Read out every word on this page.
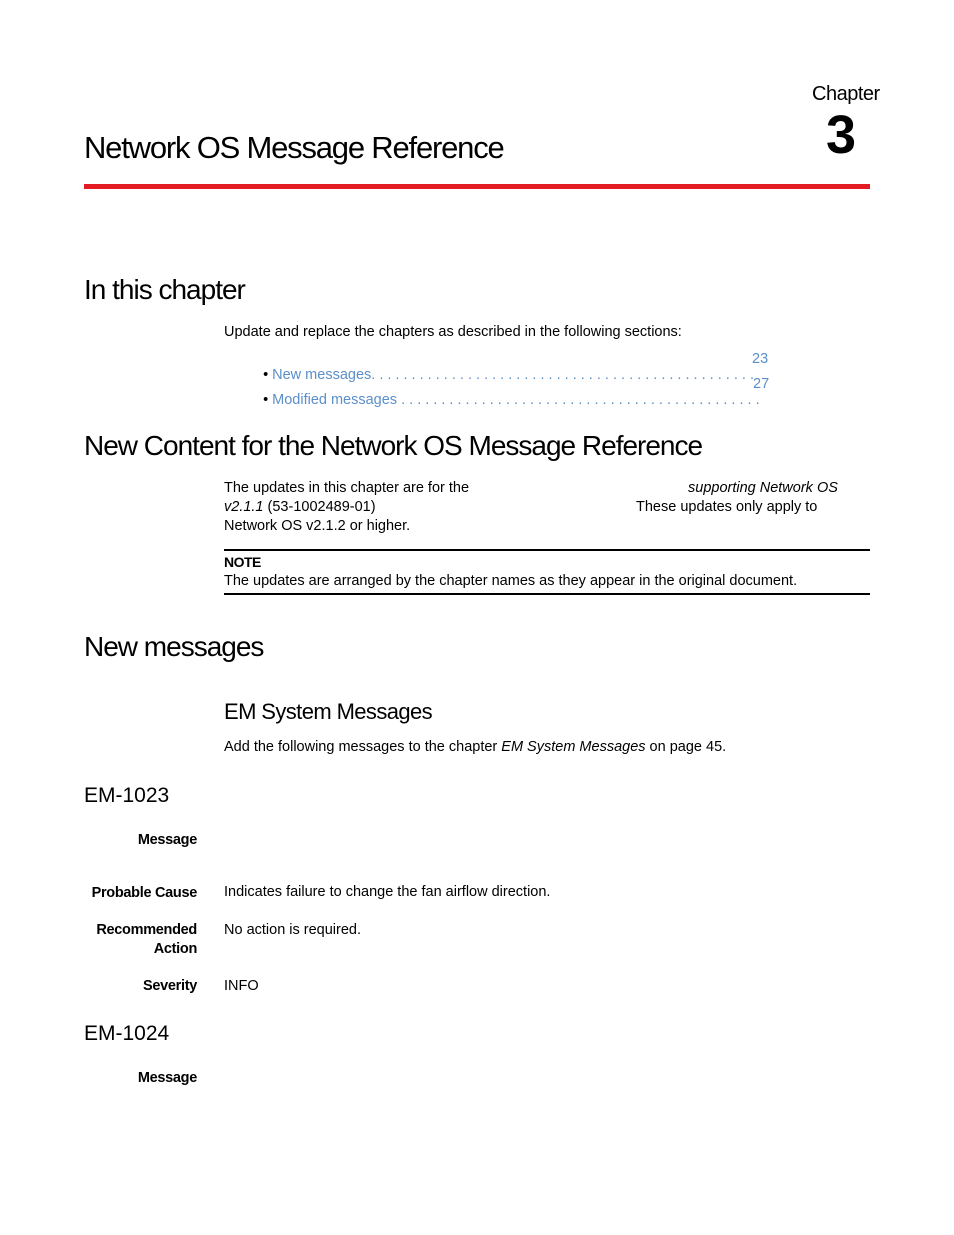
Chapter
3
Network OS Message Reference
In this chapter
Update and replace the chapters as described in the following sections:

• New messages. . . . . . . . . . . . . . . . . . . . . . . . . . . . . . . . . . . . . . . . . . . . . . . .

23

• Modified messages . . . . . . . . . . . . . . . . . . . . . . . . . . . . . . . . . . . . . . . . . . . . .

27
New Content for the Network OS Message Reference
The updates in this chapter are for the	supporting Network OS
v2.1.1 (53-1002489-01)	These updates only apply to
Network OS v2.1.2 or higher.
NOTE
The updates are arranged by the chapter names as they appear in the original document.
New messages
EM System Messages
Add the following messages to the chapter EM System Messages on page 45.
EM-1023
Message
Probable Cause Indicates failure to change the fan airflow direction.
Recommended
Action
No action is required.
Severity INFO
EM-1024
Message
